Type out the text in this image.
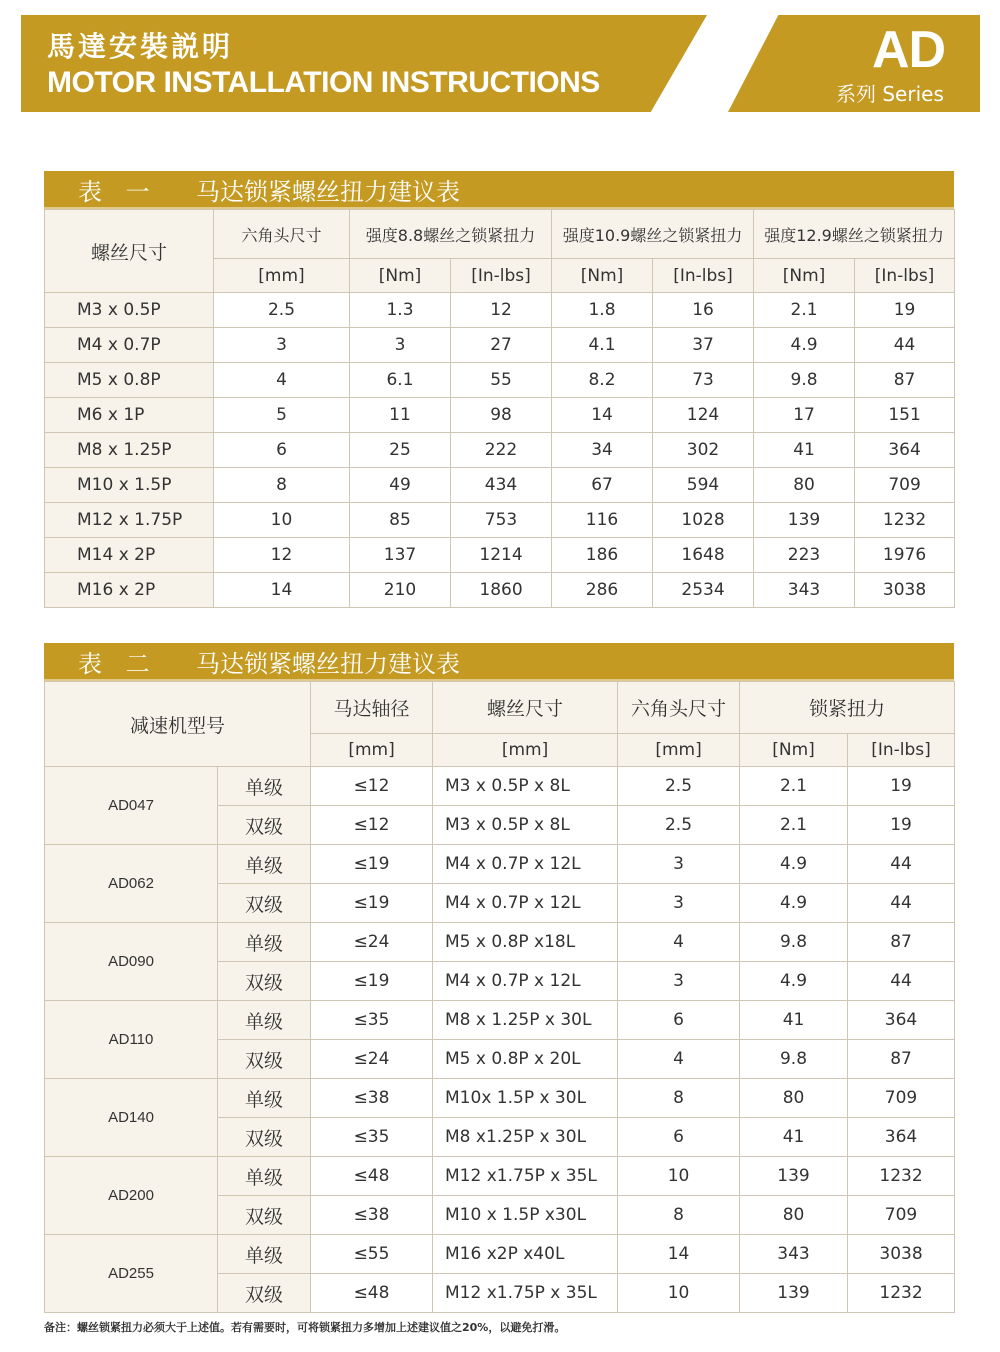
馬達安裝説明
MOTOR INSTALLATION INSTRUCTIONS
AD
系列 Series
表 一	马达锁紧螺丝扭力建议表
螺丝尺寸	六角头尺寸	强度8.8螺丝之锁紧扭力		强度10.9螺丝之锁紧扭力		强度12.9螺丝之锁紧扭力	
	[mm]	[Nm]	[In-lbs]	[Nm]	[In-lbs]	[Nm]	[In-lbs]
M3 x 0.5P	2.5	1.3	12	1.8	16	2.1	19
M4 x 0.7P	3	3	27	4.1	37	4.9	44
M5 x 0.8P	4	6.1	55	8.2	73	9.8	87
M6 x 1P	5	11	98	14	124	17	151
M8 x 1.25P	6	25	222	34	302	41	364
M10 x 1.5P	8	49	434	67	594	80	709
M12 x 1.75P	10	85	753	116	1028	139	1232
M14 x 2P	12	137	1214	186	1648	223	1976
M16 x 2P	14	210	1860	286	2534	343	3038
表 二	马达锁紧螺丝扭力建议表
减速机型号		马达轴径	螺丝尺寸	六角头尺寸	锁紧扭力	
		[mm]	[mm]	[mm]	[Nm]	[In-lbs]
AD047	单级	≤12	M3 x 0.5P x 8L	2.5	2.1	19
	双级	≤12	M3 x 0.5P x 8L	2.5	2.1	19
AD062	单级	≤19	M4 x 0.7P x 12L	3	4.9	44
	双级	≤19	M4 x 0.7P x 12L	3	4.9	44
AD090	单级	≤24	M5 x 0.8P x18L	4	9.8	87
	双级	≤19	M4 x 0.7P x 12L	3	4.9	44
AD110	单级	≤35	M8 x 1.25P x 30L	6	41	364
	双级	≤24	M5 x 0.8P x 20L	4	9.8	87
AD140	单级	≤38	M10x 1.5P x 30L	8	80	709
	双级	≤35	M8 x1.25P x 30L	6	41	364
AD200	单级	≤48	M12 x1.75P x 35L	10	139	1232
	双级	≤38	M10 x 1.5P x30L	8	80	709
AD255	单级	≤55	M16 x2P x40L	14	343	3038
	双级	≤48	M12 x1.75P x 35L	10	139	1232
备注：螺丝锁紧扭力必须大于上述值。若有需要时，可将锁紧扭力多增加上述建议值之20%，以避免打滑。
